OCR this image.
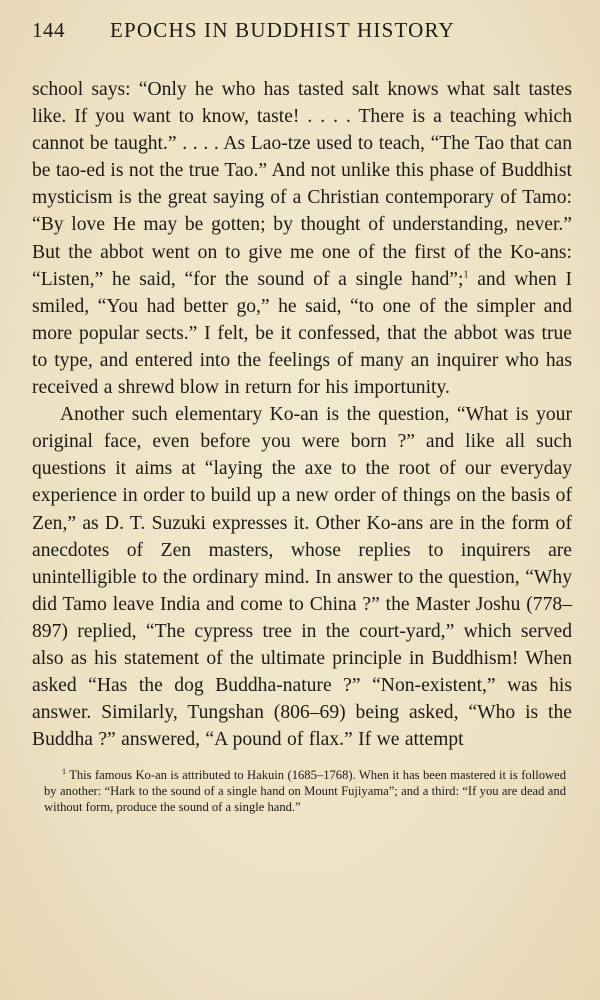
144	EPOCHS IN BUDDHIST HISTORY

school says: “Only he who has tasted salt knows what salt tastes like. If you want to know, taste! . . . . There is a teaching which cannot be taught.” . . . . As Lao-tze used to teach, “The Tao that can be tao-ed is not the true Tao.” And not unlike this phase of Buddhist mysticism is the great saying of a Christian contemporary of Tamo: “By love He may be gotten; by thought of understanding, never.” But the abbot went on to give me one of the first of the Ko-ans: “Listen,” he said, “for the sound of a single hand”;$^1$ and when I smiled, “You had better go,” he said, “to one of the simpler and more popular sects.” I felt, be it confessed, that the abbot was true to type, and entered into the feelings of many an inquirer who has received a shrewd blow in return for his importunity.

Another such elementary Ko-an is the question, “What is your original face, even before you were born ?” and like all such questions it aims at “laying the axe to the root of our everyday experience in order to build up a new order of things on the basis of Zen,” as D. T. Suzuki expresses it. Other Ko-ans are in the form of anecdotes of Zen masters, whose replies to inquirers are unintelligible to the ordinary mind. In answer to the question, “Why did Tamo leave India and come to China ?” the Master Joshu (778–897) replied, “The cypress tree in the court-yard,” which served also as his statement of the ultimate principle in Buddhism! When asked “Has the dog Buddha-nature ?” “Non-existent,” was his answer. Similarly, Tungshan (806–69) being asked, “Who is the Buddha ?” answered, “A pound of flax.” If we attempt

$^1$ This famous Ko-an is attributed to Hakuin (1685–1768). When it has been mastered it is followed by another: “Hark to the sound of a single hand on Mount Fujiyama”; and a third: “If you are dead and without form, produce the sound of a single hand.”
